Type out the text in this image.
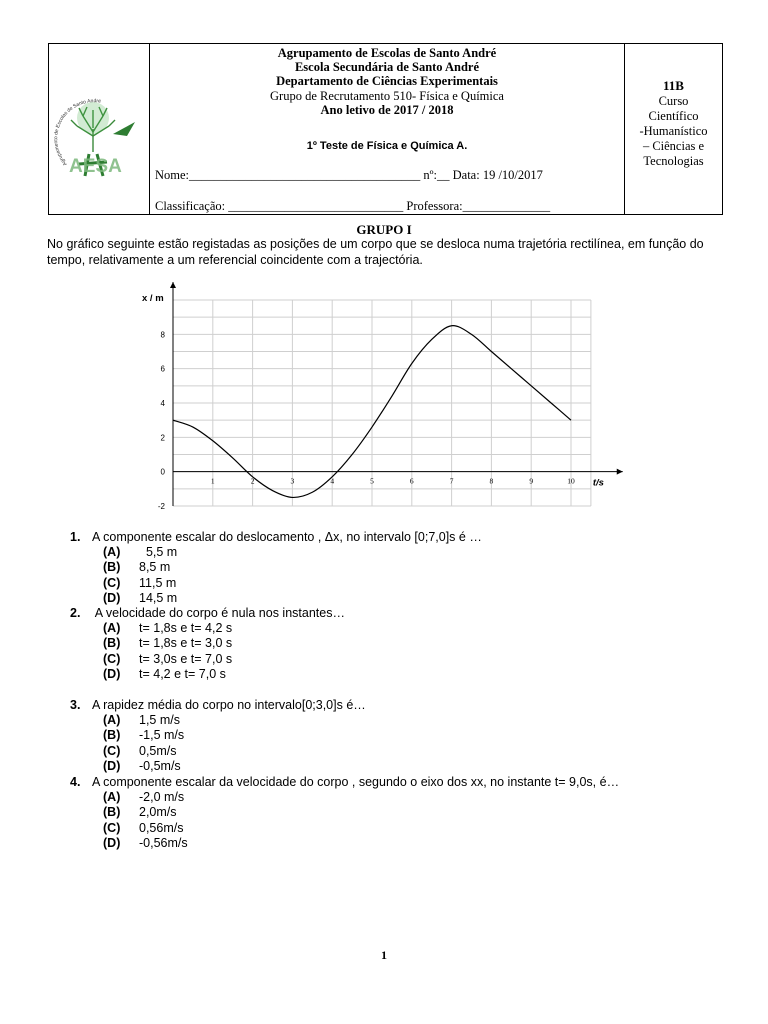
Agrupamento de Escolas de Santo André
AESA
Agrupamento de Escolas de Santo André
Escola Secundária de Santo André
Departamento de Ciências Experimentais
Grupo de Recrutamento 510- Física e Química
Ano letivo de 2017 / 2018
1º Teste de Física e Química A.
Nome:_____________________________________ nº:__ Data: 19 /10/2017
Classificação: ____________________________ Professora:______________
11B
Curso
Científico
-Humanístico
– Ciências e
Tecnologias
GRUPO I
No gráfico seguinte estão registadas as posições de um corpo que se desloca numa trajetória rectilínea, em função do tempo, relativamente a um referencial coincidente com a trajectória.
1	2	3	4	5	6	7	8	9	10
-2
0
2
4
6
8
x / m
t/s
1. A componente escalar do deslocamento , Δx, no intervalo [0;7,0]s é …
(A)  5,5 m
(B) 8,5 m
(C) 11,5 m
(D) 14,5 m
2. A velocidade do corpo é nula nos instantes…
(A) t= 1,8s e t= 4,2 s
(B) t= 1,8s e t= 3,0 s
(C) t= 3,0s e t= 7,0 s
(D) t= 4,2 e t= 7,0 s
3. A rapidez média do corpo no intervalo[0;3,0]s é…
(A) 1,5 m/s
(B) -1,5 m/s
(C) 0,5m/s
(D) -0,5m/s
4. A componente escalar da velocidade do corpo , segundo o eixo dos xx, no instante t= 9,0s, é…
(A) -2,0 m/s
(B) 2,0m/s
(C) 0,56m/s
(D) -0,56m/s
1
